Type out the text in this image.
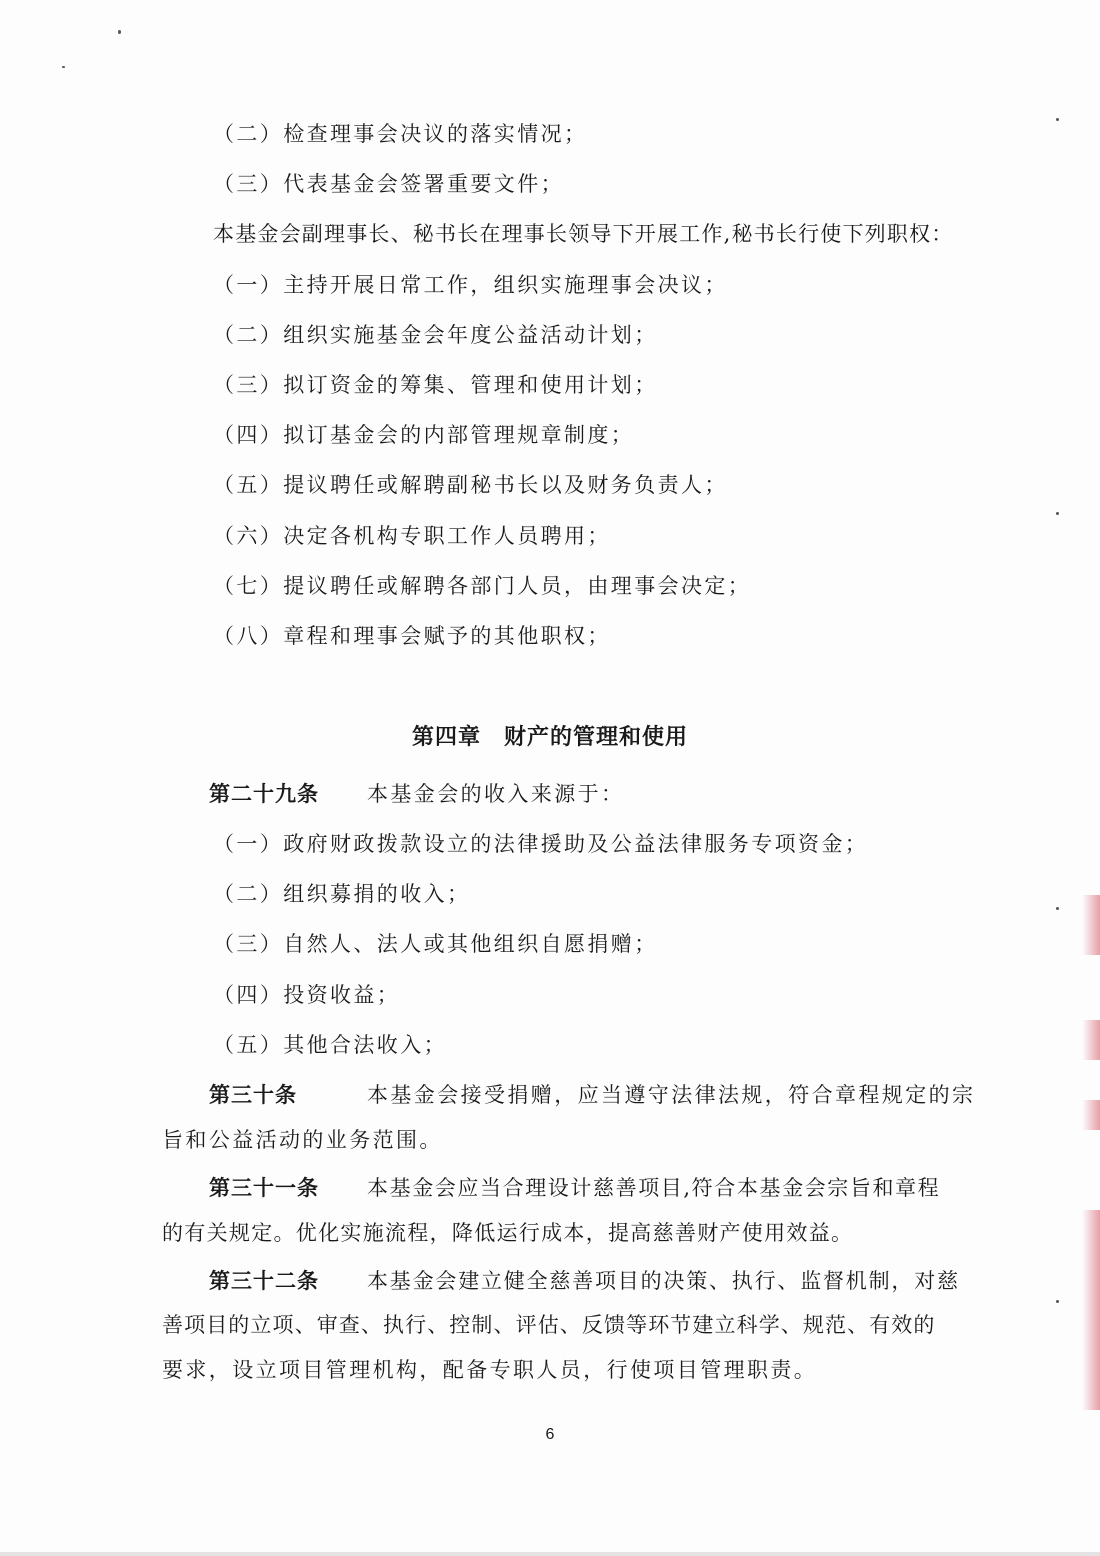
（二）检查理事会决议的落实情况；
（三）代表基金会签署重要文件；
本基金会副理事长、秘书长在理事长领导下开展工作,秘书长行使下列职权：
（一）主持开展日常工作，组织实施理事会决议；
（二）组织实施基金会年度公益活动计划；
（三）拟订资金的筹集、管理和使用计划；
（四）拟订基金会的内部管理规章制度；
（五）提议聘任或解聘副秘书长以及财务负责人；
（六）决定各机构专职工作人员聘用；
（七）提议聘任或解聘各部门人员，由理事会决定；
（八）章程和理事会赋予的其他职权；
第四章　财产的管理和使用
第二十九条 本基金会的收入来源于：
（一）政府财政拨款设立的法律援助及公益法律服务专项资金；
（二）组织募捐的收入；
（三）自然人、法人或其他组织自愿捐赠；
（四）投资收益；
（五）其他合法收入；
第三十条	本基金会接受捐赠，应当遵守法律法规，符合章程规定的宗
旨和公益活动的业务范围。
第三十一条 本基金会应当合理设计慈善项目,符合本基金会宗旨和章程
的有关规定。优化实施流程，降低运行成本，提高慈善财产使用效益。
第三十二条 本基金会建立健全慈善项目的决策、执行、监督机制，对慈
善项目的立项、审查、执行、控制、评估、反馈等环节建立科学、规范、有效的
要求，设立项目管理机构，配备专职人员，行使项目管理职责。
6
